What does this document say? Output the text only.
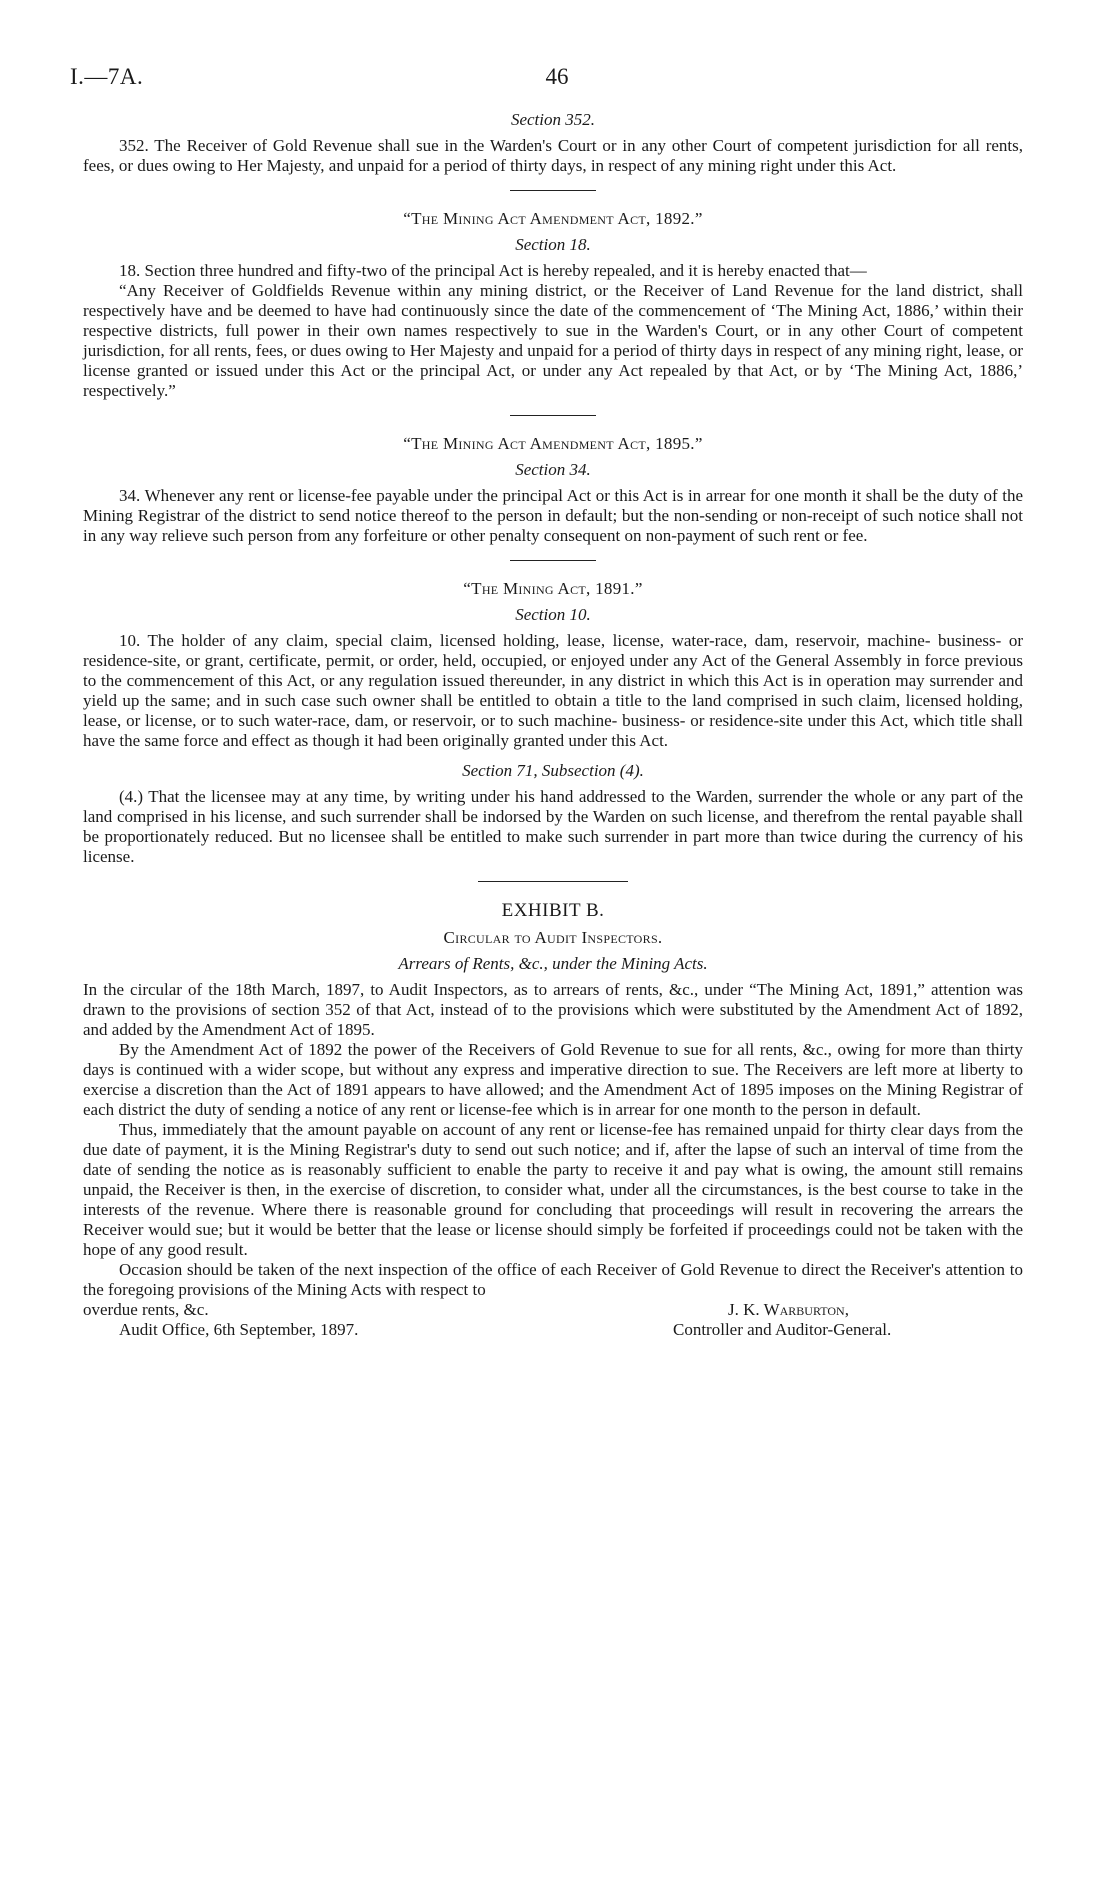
I.—7A.	46
Section 352.

352. The Receiver of Gold Revenue shall sue in the Warden's Court or in any other Court of competent jurisdiction for all rents, fees, or dues owing to Her Majesty, and unpaid for a period of thirty days, in respect of any mining right under this Act.

“The Mining Act Amendment Act, 1892.”
Section 18.

18. Section three hundred and fifty-two of the principal Act is hereby repealed, and it is hereby enacted that—

“Any Receiver of Goldfields Revenue within any mining district, or the Receiver of Land Revenue for the land district, shall respectively have and be deemed to have had continuously since the date of the commencement of ‘The Mining Act, 1886,’ within their respective districts, full power in their own names respectively to sue in the Warden's Court, or in any other Court of competent jurisdiction, for all rents, fees, or dues owing to Her Majesty and unpaid for a period of thirty days in respect of any mining right, lease, or license granted or issued under this Act or the principal Act, or under any Act repealed by that Act, or by ‘The Mining Act, 1886,’ respectively.”

“The Mining Act Amendment Act, 1895.”
Section 34.

34. Whenever any rent or license-fee payable under the principal Act or this Act is in arrear for one month it shall be the duty of the Mining Registrar of the district to send notice thereof to the person in default; but the non-sending or non-receipt of such notice shall not in any way relieve such person from any forfeiture or other penalty consequent on non-payment of such rent or fee.

“The Mining Act, 1891.”
Section 10.

10. The holder of any claim, special claim, licensed holding, lease, license, water-race, dam, reservoir, machine- business- or residence-site, or grant, certificate, permit, or order, held, occupied, or enjoyed under any Act of the General Assembly in force previous to the commencement of this Act, or any regulation issued thereunder, in any district in which this Act is in operation may surrender and yield up the same; and in such case such owner shall be entitled to obtain a title to the land comprised in such claim, licensed holding, lease, or license, or to such water-race, dam, or reservoir, or to such machine- business- or residence-site under this Act, which title shall have the same force and effect as though it had been originally granted under this Act.

Section 71, Subsection (4).

(4.) That the licensee may at any time, by writing under his hand addressed to the Warden, surrender the whole or any part of the land comprised in his license, and such surrender shall be indorsed by the Warden on such license, and therefrom the rental payable shall be proportionately reduced. But no licensee shall be entitled to make such surrender in part more than twice during the currency of his license.

EXHIBIT B.
Circular to Audit Inspectors.
Arrears of Rents, &c., under the Mining Acts.

In the circular of the 18th March, 1897, to Audit Inspectors, as to arrears of rents, &c., under “The Mining Act, 1891,” attention was drawn to the provisions of section 352 of that Act, instead of to the provisions which were substituted by the Amendment Act of 1892, and added by the Amendment Act of 1895.

By the Amendment Act of 1892 the power of the Receivers of Gold Revenue to sue for all rents, &c., owing for more than thirty days is continued with a wider scope, but without any express and imperative direction to sue. The Receivers are left more at liberty to exercise a discretion than the Act of 1891 appears to have allowed; and the Amendment Act of 1895 imposes on the Mining Registrar of each district the duty of sending a notice of any rent or license-fee which is in arrear for one month to the person in default.

Thus, immediately that the amount payable on account of any rent or license-fee has remained unpaid for thirty clear days from the due date of payment, it is the Mining Registrar's duty to send out such notice; and if, after the lapse of such an interval of time from the date of sending the notice as is reasonably sufficient to enable the party to receive it and pay what is owing, the amount still remains unpaid, the Receiver is then, in the exercise of discretion, to consider what, under all the circumstances, is the best course to take in the interests of the revenue. Where there is reasonable ground for concluding that proceedings will result in recovering the arrears the Receiver would sue; but it would be better that the lease or license should simply be forfeited if proceedings could not be taken with the hope of any good result.

Occasion should be taken of the next inspection of the office of each Receiver of Gold Revenue to direct the Receiver's attention to the foregoing provisions of the Mining Acts with respect to

overdue rents, &c.	J. K. Warburton,
Audit Office, 6th September, 1897.	Controller and Auditor-General.
